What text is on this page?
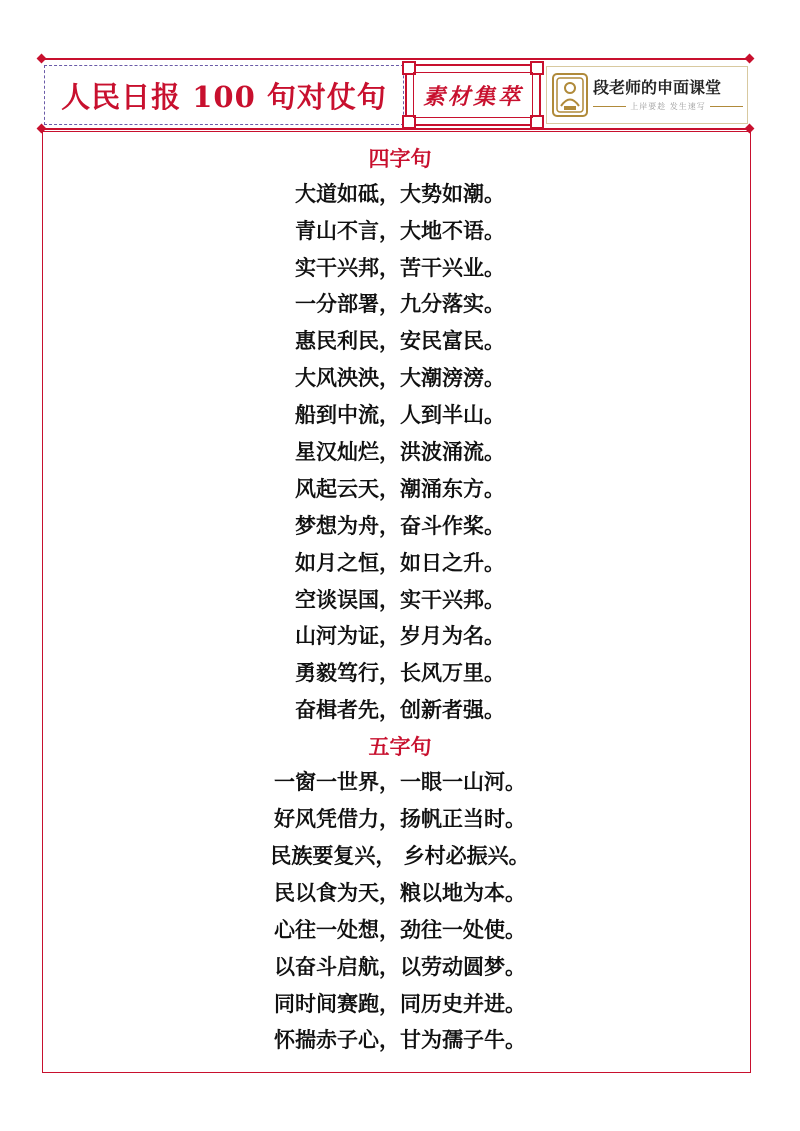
人民日报 100 句对仗句 素材集萃	段老师的申面课堂
上岸要趁 发生速写
四字句
大道如砥，大势如潮。
青山不言，大地不语。
实干兴邦，苦干兴业。
一分部署，九分落实。
惠民利民，安民富民。
大风泱泱，大潮滂滂。
船到中流，人到半山。
星汉灿烂，洪波涌流。
风起云天，潮涌东方。
梦想为舟，奋斗作桨。
如月之恒，如日之升。
空谈误国，实干兴邦。
山河为证，岁月为名。
勇毅笃行，长风万里。
奋楫者先，创新者强。
五字句
一窗一世界，一眼一山河。
好风凭借力，扬帆正当时。
民族要复兴， 乡村必振兴。
民以食为天，粮以地为本。
心往一处想，劲往一处使。
以奋斗启航，以劳动圆梦。
同时间赛跑，同历史并进。
怀揣赤子心，甘为孺子牛。
